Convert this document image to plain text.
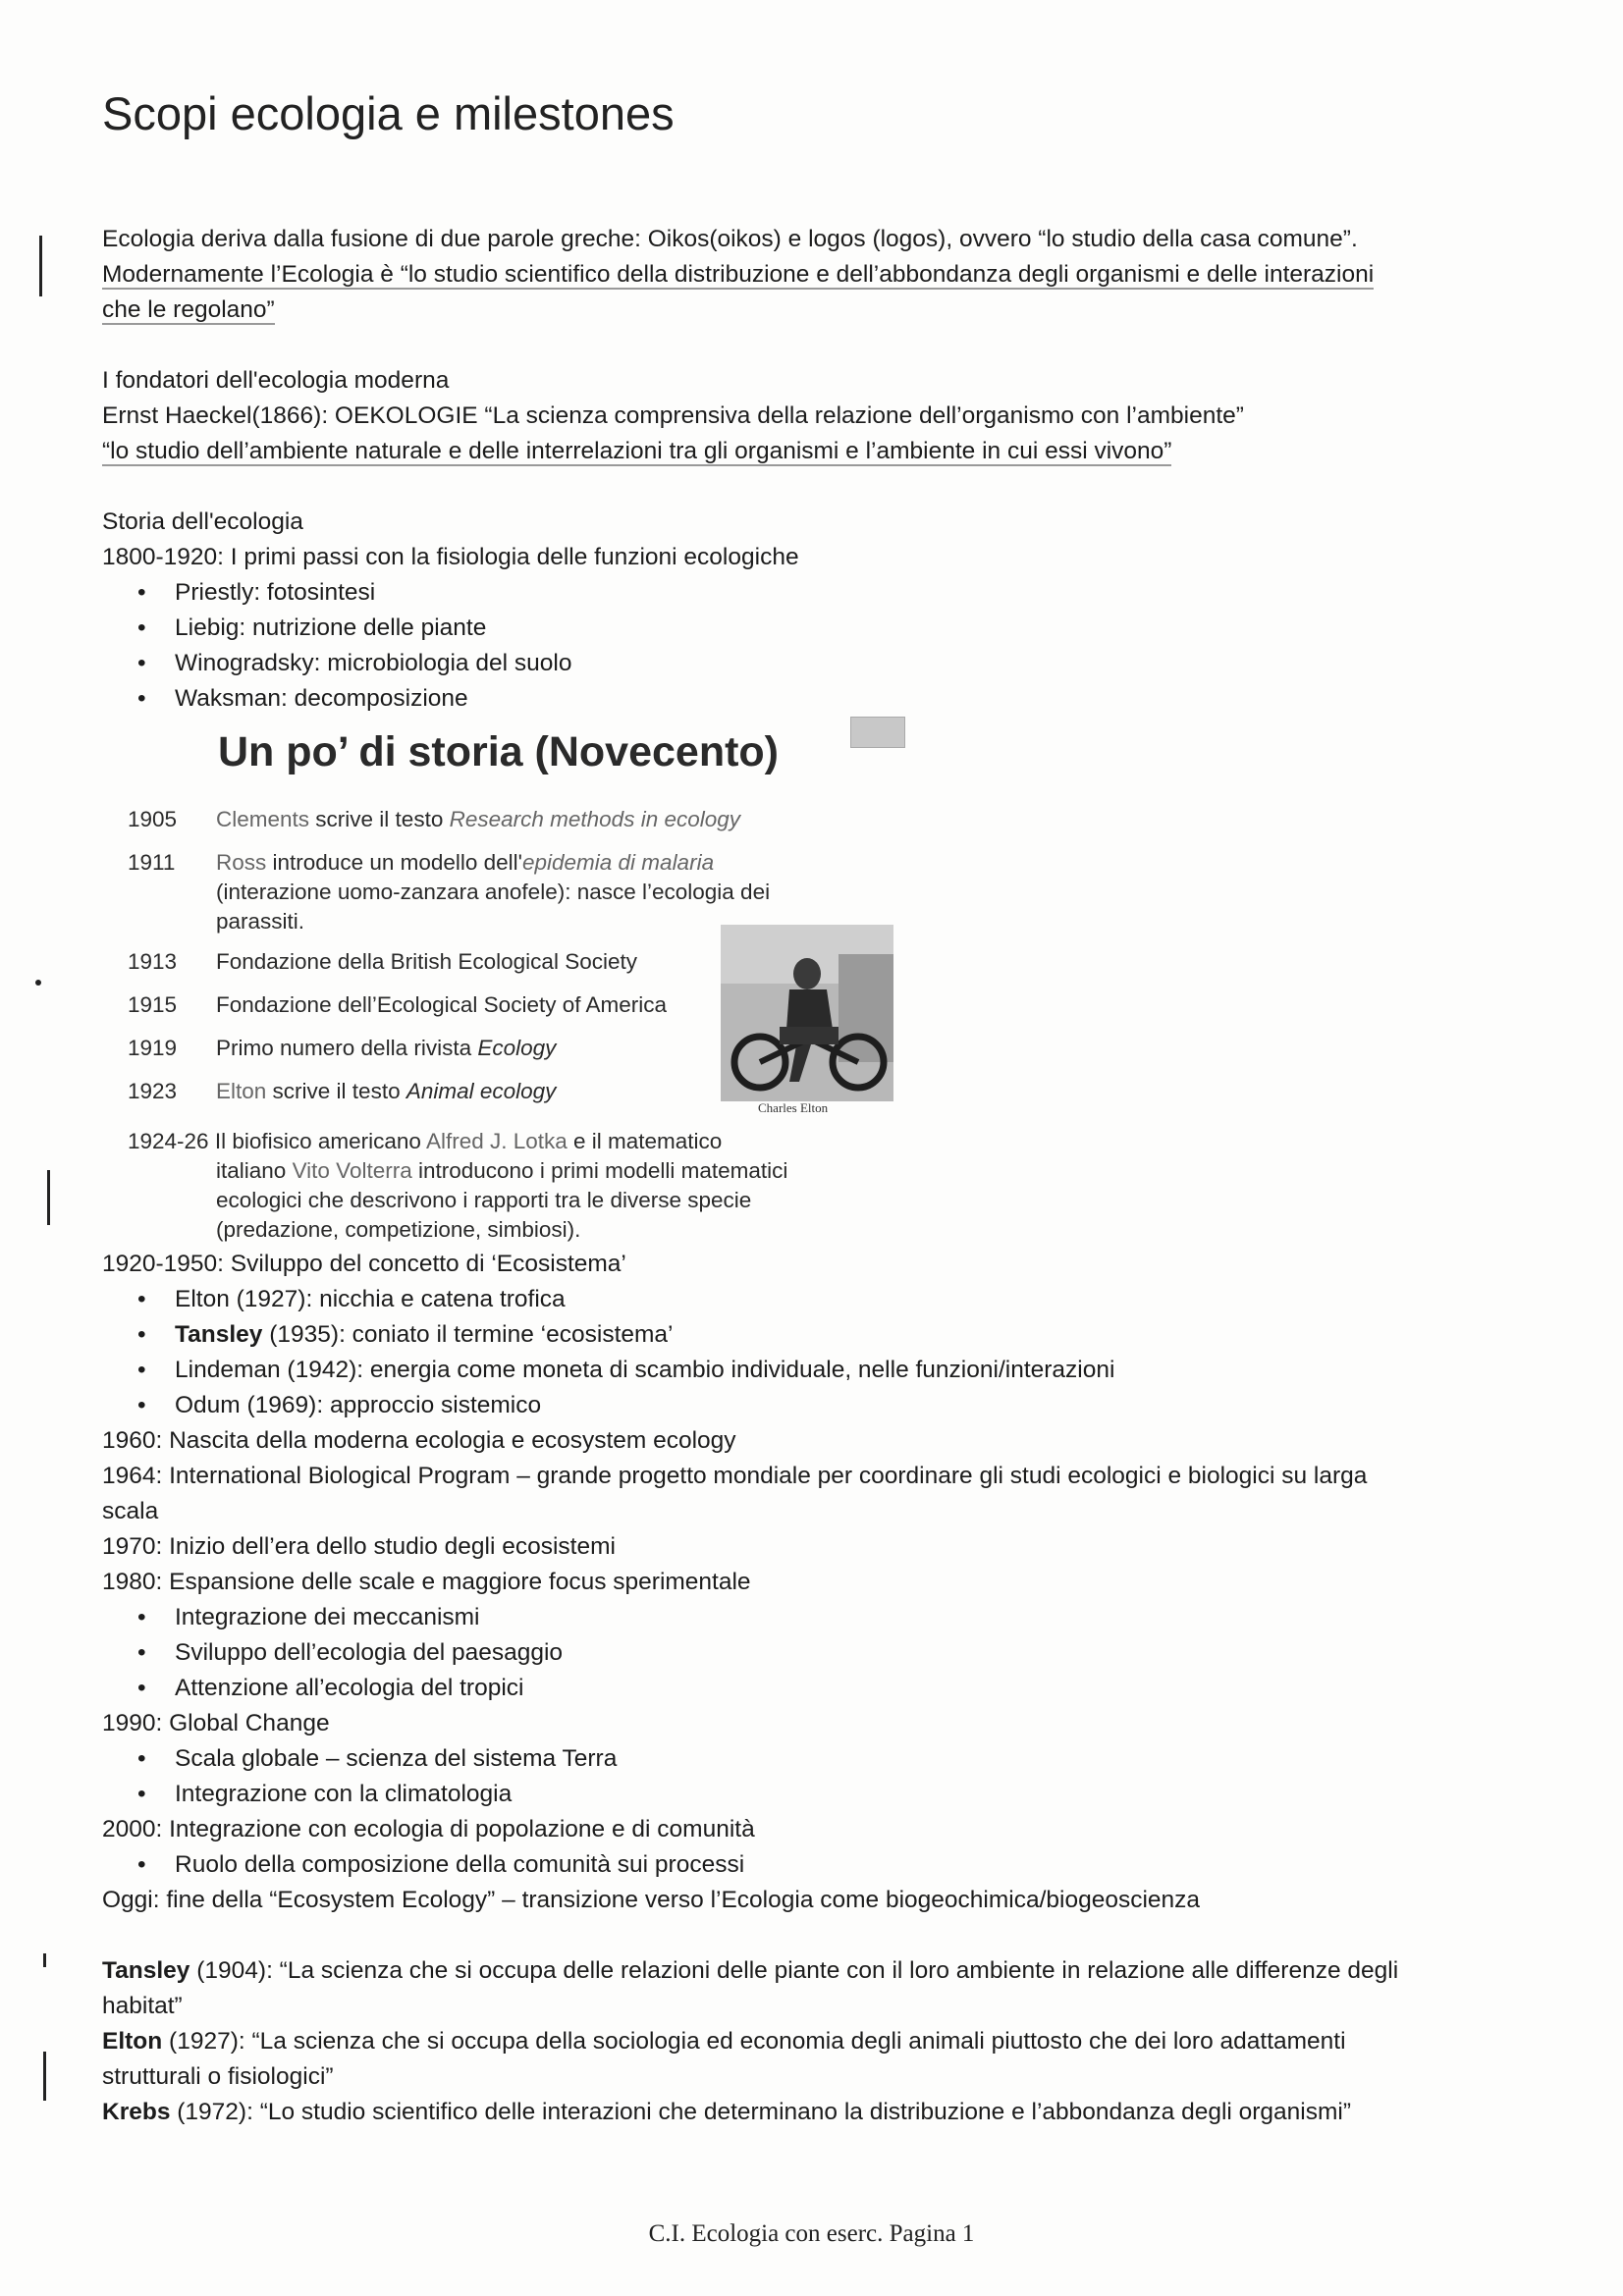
Scopi ecologia e milestones

Ecologia deriva dalla fusione di due parole greche: Oikos(oikos) e logos (logos), ovvero “lo studio della casa comune”.

Modernamente l’Ecologia è “lo studio scientifico della distribuzione e dell’abbondanza degli organismi e delle interazioni

che le regolano”

I fondatori dell'ecologia moderna

Ernst Haeckel(1866): OEKOLOGIE “La scienza comprensiva della relazione dell’organismo con l’ambiente”

“lo studio dell’ambiente naturale e delle interrelazioni tra gli organismi e l’ambiente in cui essi vivono”

Storia dell'ecologia

1800-1920: I primi passi con la fisiologia delle funzioni ecologiche

• Priestly: fotosintesi
• Liebig: nutrizione delle piante
• Winogradsky: microbiologia del suolo
• Waksman: decomposizione
Un po’ di storia (Novecento)
1905 Clements scrive il testo Research methods in ecology
1911 Ross introduce un modello dell'epidemia di malaria
(interazione uomo-zanzara anofele): nasce l’ecologia dei
parassiti.
1913 Fondazione della British Ecological Society
1915 Fondazione dell’Ecological Society of America
1919 Primo numero della rivista Ecology
1923 Elton scrive il testo Animal ecology
1924-26 Il biofisico americano Alfred J. Lotka e il matematico
italiano Vito Volterra introducono i primi modelli matematici
ecologici che descrivono i rapporti tra le diverse specie
(predazione, competizione, simbiosi).
Charles Elton

1920-1950: Sviluppo del concetto di ‘Ecosistema’

• Elton (1927): nicchia e catena trofica
• Tansley (1935): coniato il termine ‘ecosistema’
• Lindeman (1942): energia come moneta di scambio individuale, nelle funzioni/interazioni
• Odum (1969): approccio sistemico

1960: Nascita della moderna ecologia e ecosystem ecology

1964: International Biological Program – grande progetto mondiale per coordinare gli studi ecologici e biologici su larga

scala

1970: Inizio dell’era dello studio degli ecosistemi

1980: Espansione delle scale e maggiore focus sperimentale

• Integrazione dei meccanismi
• Sviluppo dell’ecologia del paesaggio
• Attenzione all’ecologia del tropici

1990: Global Change

• Scala globale – scienza del sistema Terra
• Integrazione con la climatologia

2000: Integrazione con ecologia di popolazione e di comunità

• Ruolo della composizione della comunità sui processi

Oggi: fine della “Ecosystem Ecology” – transizione verso l’Ecologia come biogeochimica/biogeoscienza

Tansley (1904): “La scienza che si occupa delle relazioni delle piante con il loro ambiente in relazione alle differenze degli

habitat”

Elton (1927): “La scienza che si occupa della sociologia ed economia degli animali piuttosto che dei loro adattamenti

strutturali o fisiologici”

Krebs (1972): “Lo studio scientifico delle interazioni che determinano la distribuzione e l’abbondanza degli organismi”

C.I. Ecologia con eserc. Pagina 1
